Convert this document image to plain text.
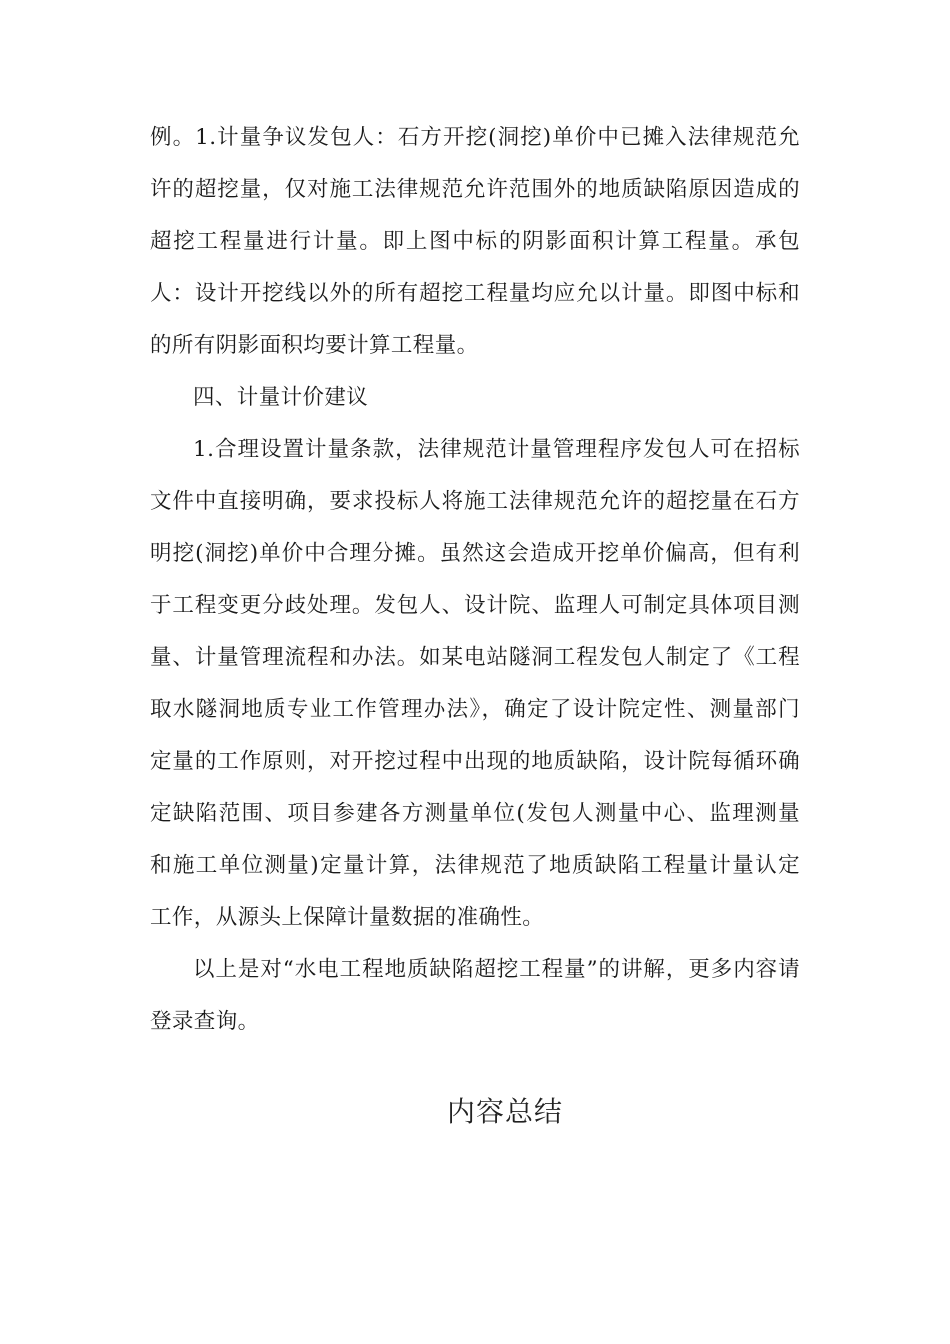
例。1.计量争议发包人：石方开挖(洞挖)单价中已摊入法律规范允
许的超挖量，仅对施工法律规范允许范围外的地质缺陷原因造成的
超挖工程量进行计量。即上图中标的阴影面积计算工程量。承包
人：设计开挖线以外的所有超挖工程量均应允以计量。即图中标和
的所有阴影面积均要计算工程量。
四、计量计价建议
1.合理设置计量条款，法律规范计量管理程序发包人可在招标
文件中直接明确，要求投标人将施工法律规范允许的超挖量在石方
明挖(洞挖)单价中合理分摊。虽然这会造成开挖单价偏高，但有利
于工程变更分歧处理。发包人、设计院、监理人可制定具体项目测
量、计量管理流程和办法。如某电站隧洞工程发包人制定了《工程
取水隧洞地质专业工作管理办法》，确定了设计院定性、测量部门
定量的工作原则，对开挖过程中出现的地质缺陷，设计院每循环确
定缺陷范围、项目参建各方测量单位(发包人测量中心、监理测量
和施工单位测量)定量计算，法律规范了地质缺陷工程量计量认定
工作，从源头上保障计量数据的准确性。
以上是对“水电工程地质缺陷超挖工程量”的讲解，更多内容请
登录查询。
内容总结
